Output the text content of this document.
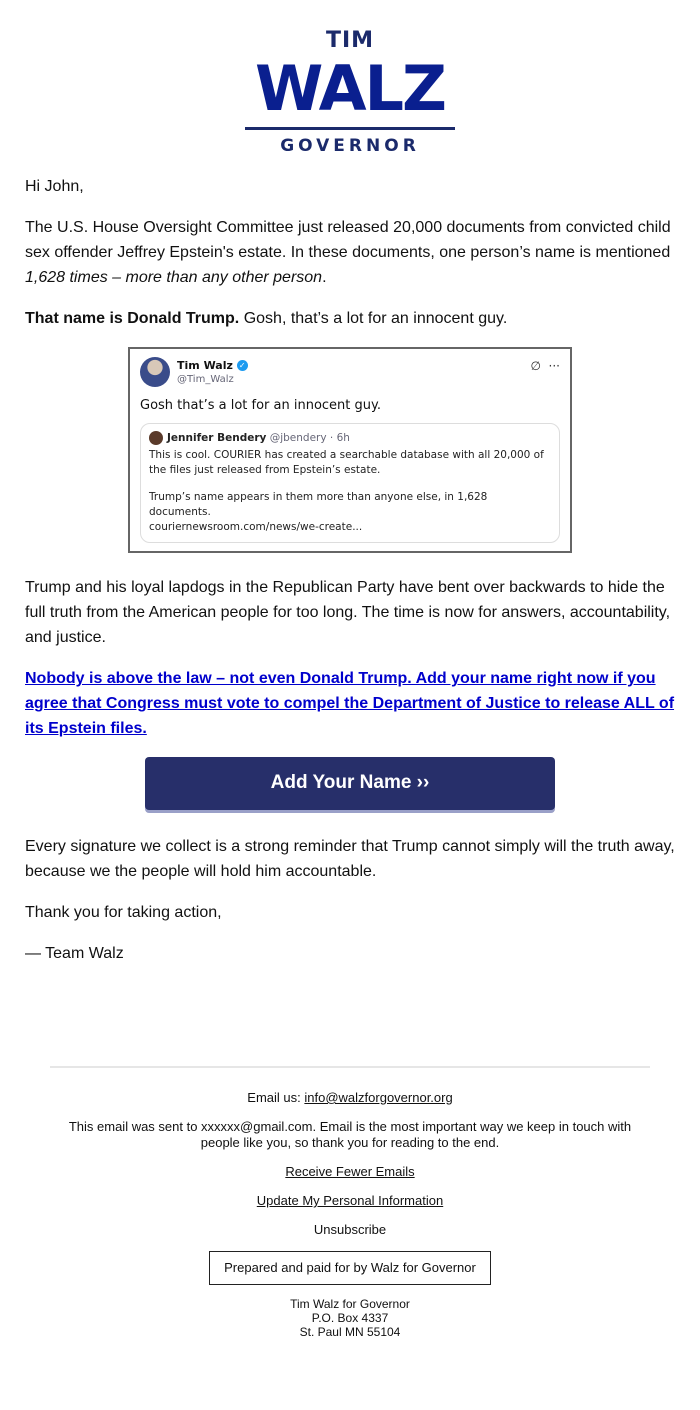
TIM
WALZ
GOVERNOR

Hi John,

The U.S. House Oversight Committee just released 20,000 documents from convicted child sex offender Jeffrey Epstein's estate. In these documents, one person’s name is mentioned 1,628 times – more than any other person.

That name is Donald Trump. Gosh, that’s a lot for an innocent guy.

Tim Walz ✓
@Tim_Walz
∅ ···
Gosh that’s a lot for an innocent guy.
Jennifer Bendery @jbendery · 6h
This is cool. COURIER has created a searchable database with all 20,000 of the files just released from Epstein’s estate.
Trump’s name appears in them more than anyone else, in 1,628 documents.
couriernewsroom.com/news/we-create...

Trump and his loyal lapdogs in the Republican Party have bent over backwards to hide the full truth from the American people for too long. The time is now for answers, accountability, and justice.

Nobody is above the law – not even Donald Trump. Add your name right now if you agree that Congress must vote to compel the Department of Justice to release ALL of its Epstein files.

Add Your Name ››

Every signature we collect is a strong reminder that Trump cannot simply will the truth away, because we the people will hold him accountable.

Thank you for taking action,

— Team Walz

Email us: info@walzforgovernor.org

This email was sent to xxxxxx@gmail.com. Email is the most important way we keep in touch with people like you, so thank you for reading to the end.

Receive Fewer Emails

Update My Personal Information

Unsubscribe

Prepared and paid for by Walz for Governor
Tim Walz for Governor
P.O. Box 4337
St. Paul MN 55104
